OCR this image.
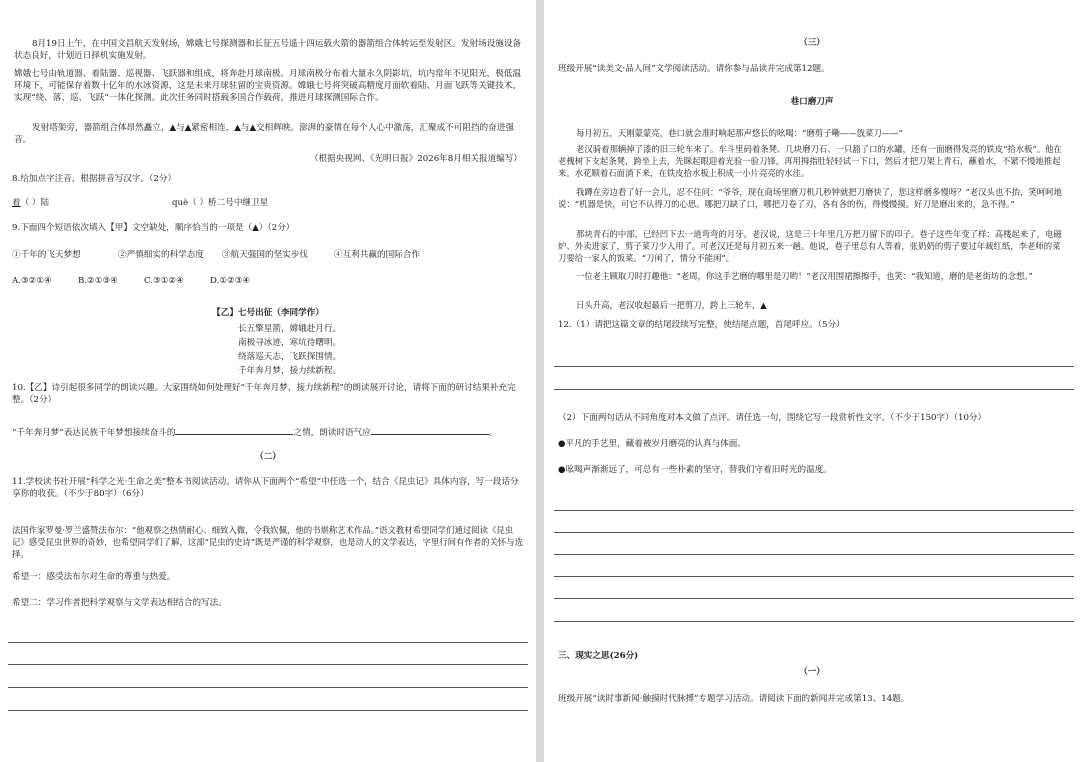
8月19日上午，在中国文昌航天发射场，嫦娥七号探测器和长征五号遥十四运载火箭的器箭组合体转运至发射区。发射场设施设备状态良好，计划近日择机实施发射。

嫦娥七号由轨道器、着陆器、巡视器、飞跃器和组成，将奔赴月球南极。月球南极分布着大量永久阴影坑，坑内常年不见阳光，极低温环境下，可能保存着数十亿年的水冰资源，这是未来月球驻留的宝贵资源。嫦娥七号将突破高精度月面软着陆、月面飞跃等关键技术，实现“绕、落、巡、飞跃”一体化探测。此次任务同时搭载多国合作载荷，推进月球探测国际合作。

发射塔架旁，器箭组合体昂然矗立，▲与▲紧密相连，▲与▲交相辉映。澎湃的豪情在每个人心中激荡，汇聚成不可阻挡的奋进强音。

（根据央视网、《光明日报》2026年8月相关报道编写）

8.给加点字注音，根据拼音写汉字。（2分）

着（ ）陆	què（ ）桥二号中继卫星

9.下面四个短语依次填入【甲】文空缺处，顺序恰当的一项是（▲）（2分）

①千年的飞天梦想	②严慎细实的科学态度 ③航天强国的坚实步伐	④互利共赢的国际合作

A.③②①④	B.②①③④	C.③①②④	D.①②③④

【乙】七号出征（李同学作）

长五擎星箭，嫦娥赴月行。
南极寻冰迹，寒坑待曙明。
绕落巡天志，飞跃探围情。
千年奔月梦，接力续新程。

10.【乙】诗引起很多同学的朗读兴趣。大家围绕如何处理好“千年奔月梦，接力续新程”的朗读展开讨论，请将下面的研讨结果补充完整。（2分）

“千年奔月梦”表达民族千年梦想接续奋斗的	之情，朗读时语气应	。

（二）

11.学校读书社开展“科学之光·生命之美”整本书阅读活动。请你从下面两个“希望”中任选一个，结合《昆虫记》具体内容，写一段话分享你的收获。（不少于80字）（6分）

法国作家罗曼·罗兰盛赞法布尔：“他观察之热情耐心、细致入微，令我钦佩，他的书堪称艺术作品。”语文教材希望同学们通过阅读《昆虫记》感受昆虫世界的奇妙，也希望同学们了解，这部“昆虫的史诗”既是严谨的科学观察，也是动人的文学表达，字里行间有作者的关怀与选择。

希望一：感受法布尔对生命的尊重与热爱。

希望二：学习作者把科学观察与文学表达相结合的写法。

（三）

班级开展“读美文·品人间”文学阅读活动。请你参与品读并完成第12题。

巷口磨刀声

每月初五，天刚蒙蒙亮，巷口就会准时响起那声悠长的吆喝：“磨剪子嘞——戗菜刀——”

老汉骑着那辆掉了漆的旧三轮车来了。车斗里码着条凳、几块磨刀石、一只豁了口的水罐，还有一面磨得发亮的铁皮“拾水板”。他在老槐树下支起条凳，跨坐上去，先眯起眼迎着光验一验刀锋，再用拇指肚轻轻试一下口，然后才把刀架上青石，蘸着水，不紧不慢地推起来。水花顺着石面淌下来，在铁皮拾水板上积成一小片亮亮的水洼。

我蹲在旁边看了好一会儿，忍不住问：“爷爷，现在商场里磨刀机几秒钟就把刀磨快了，您这样磨多慢呀？”老汉头也不抬，笑呵呵地说：“机器是快，可它不认得刀的心思。哪把刀缺了口，哪把刀卷了刃，各有各的伤，得慢慢摸。好刀是磨出来的，急不得。”

那块青石的中部，已经凹下去一道弯弯的月牙。老汉说，这是三十年里几万把刀留下的印子。巷子这些年变了样：高楼起来了，电磁炉、外卖进家了，剪子菜刀少人用了。可老汉还是每月初五来一趟。他说，巷子里总有人等着，张奶奶的剪子要过年裁红纸，李老师的菜刀要给一家人的饭菜。“刀闲了，情分不能闲”。

一位老主顾取刀时打趣他：“老周，你这手艺磨的哪里是刀哟！”老汉用围裙擦擦手，也笑：“我知道，磨的是老街坊的念想。”

日头升高，老汉收起最后一把剪刀，跨上三轮车，▲

12.（1）请把这篇文章的结尾段续写完整，使结尾点题，首尾呼应。（5分）

（2）下面两句话从不同角度对本文做了点评。请任选一句，围绕它写一段赏析性文字。（不少于150字）（10分）

●平凡的手艺里，藏着被岁月磨亮的认真与体面。

●吆喝声渐渐远了，可总有一些朴素的坚守，替我们守着旧时光的温度。

三、现实之思(26分)

（一）

班级开展“读时事新闻·触摸时代脉搏”专题学习活动。请阅读下面的新闻并完成第13、14题。
